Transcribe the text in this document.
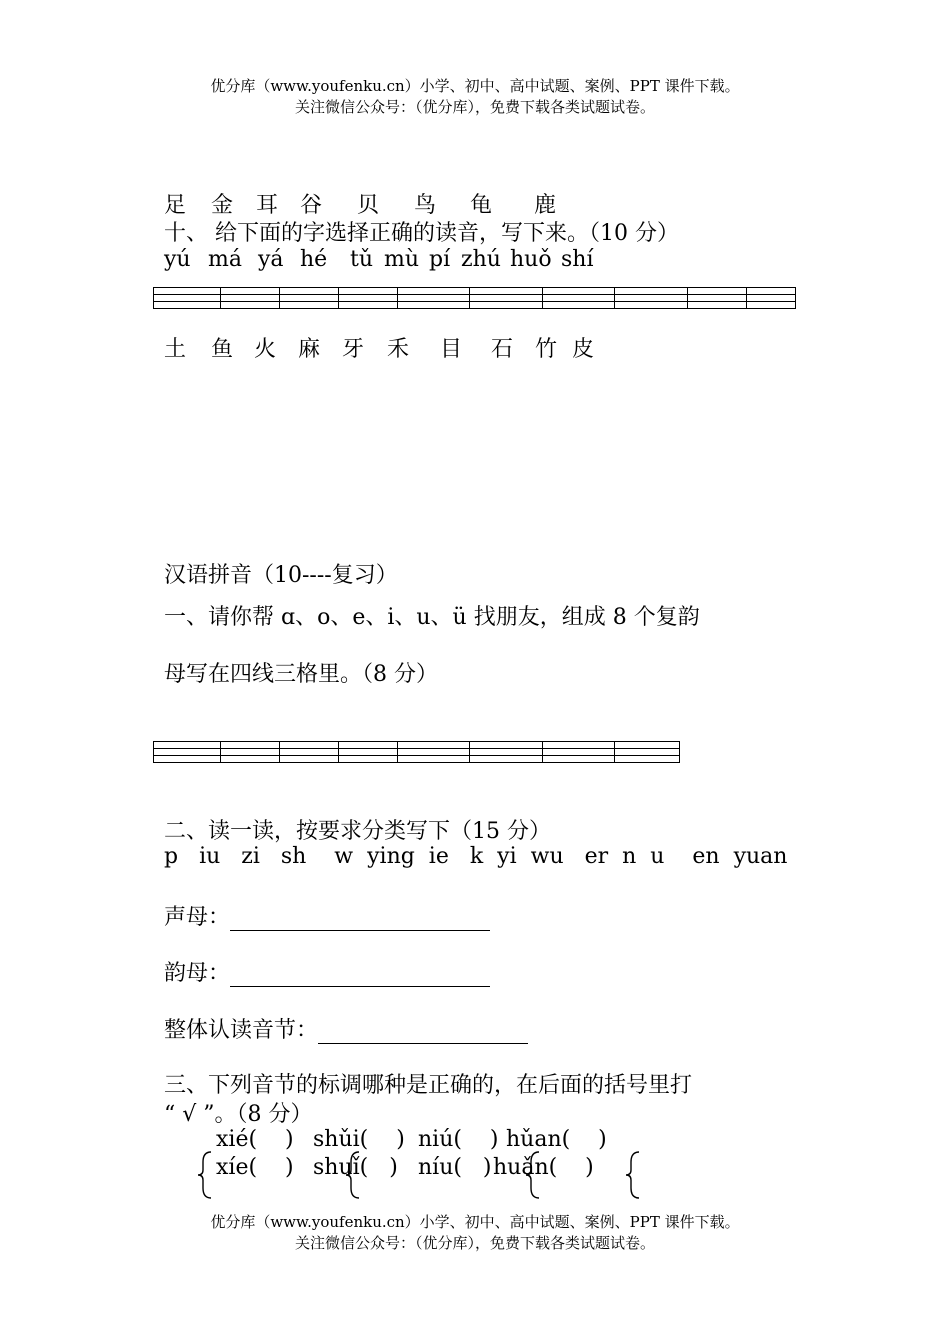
优分库（www.youfenku.cn）小学、初中、高中试题、案例、PPT 课件下载。
关注微信公众号：（优分库），免费下载各类试题试卷。
足 金 耳 谷 贝 鸟 龟 鹿
十、 给下面的字选择正确的读音，写下来。（10 分）
yú má yá hé tǔ mù pí zhú huǒ shí

土 鱼 火 麻 牙 禾 目 石 竹 皮
汉语拼音（10----复习）
一、请你帮 ɑ、o、e、i、u、ü 找朋友，组成 8 个复韵
母写在四线三格里。（8 分）

二、读一读，按要求分类写下（15 分）
p   iu   zi   sh    w  ying  ie   k  yi  wu   er  n  u    en  yuan
声母：
韵母：
整体认读音节：
三、下列音节的标调哪种是正确的，在后面的括号里打
“ √ ”。（8 分）
xié(    ) shǔi(    ) niú(    ) hǔan(    )
xíe(    ) shuǐ(   ) níu(   ) huǎn(    )
优分库（www.youfenku.cn）小学、初中、高中试题、案例、PPT 课件下载。
关注微信公众号：（优分库），免费下载各类试题试卷。
